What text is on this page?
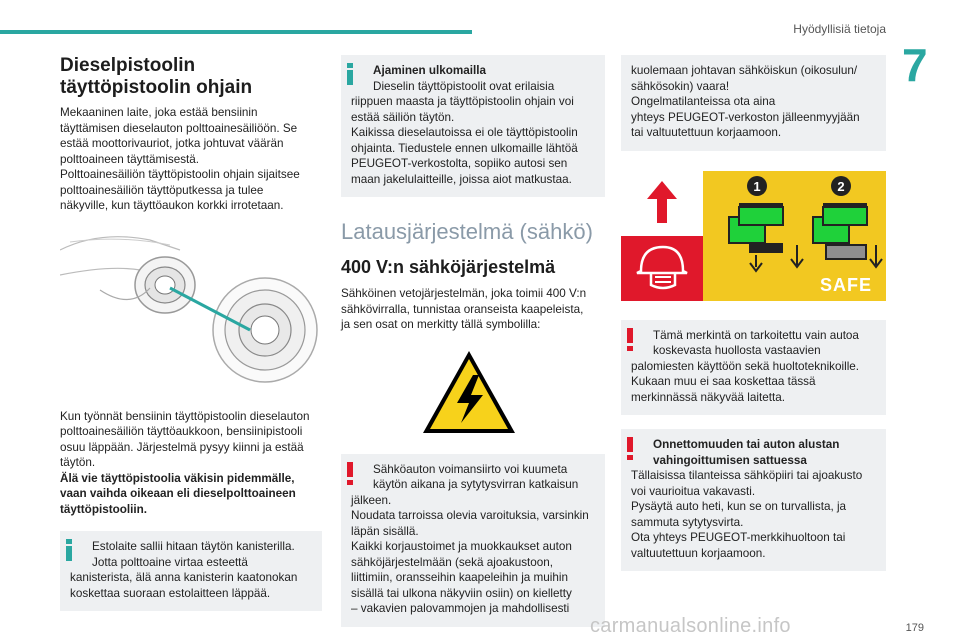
Hyödyllisiä tietoja
7
Dieselpistoolin
täyttöpistoolin ohjain
Mekaaninen laite, joka estää bensiinin
täyttämisen dieselauton polttoainesäiliöön. Se
estää moottorivauriot, jotka johtuvat väärän
polttoaineen täyttämisestä.
Polttoainesäiliön täyttöpistoolin ohjain sijaitsee
polttoainesäiliön täyttöputkessa ja tulee
näkyville, kun täyttöaukon korkki irrotetaan.
Kun työnnät bensiinin täyttöpistoolin dieselauton
polttoainesäiliön täyttöaukkoon, bensiinipistooli
osuu läppään. Järjestelmä pysyy kiinni ja estää
täytön.
Älä vie täyttöpistoolia väkisin pidemmälle,
vaan vaihda oikeaan eli dieselpolttoaineen
täyttöpistooliin.
Estolaite sallii hitaan täytön kanisterilla.
Jotta polttoaine virtaa esteettä
kanisterista, älä anna kanisterin kaatonokan
koskettaa suoraan estolaitteen läppää.
Ajaminen ulkomailla
Dieselin täyttöpistoolit ovat erilaisia
riippuen maasta ja täyttöpistoolin ohjain voi
estää säiliön täytön.
Kaikissa dieselautoissa ei ole täyttöpistoolin
ohjainta. Tiedustele ennen ulkomaille lähtöä
PEUGEOT-verkostolta, sopiiko autosi sen
maan jakelulaitteille, joissa aiot matkustaa.
Latausjärjestelmä (sähkö)
400 V:n sähköjärjestelmä
Sähköinen vetojärjestelmän, joka toimii 400 V:n
sähkövirralla, tunnistaa oranseista kaapeleista,
ja sen osat on merkitty tällä symbolilla:
Sähköauton voimansiirto voi kuumeta
käytön aikana ja sytytysvirran katkaisun
jälkeen.
Noudata tarroissa olevia varoituksia, varsinkin
läpän sisällä.
Kaikki korjaustoimet ja muokkaukset auton
sähköjärjestelmään (sekä ajoakustoon,
liittimiin, oransseihin kaapeleihin ja muihin
sisällä tai ulkona näkyviin osiin) on kielletty
– vakavien palovammojen ja mahdollisesti
kuolemaan johtavan sähköiskun (oikosulun/
sähkösokin) vaara!
Ongelmatilanteissa ota aina
yhteys PEUGEOT-verkoston jälleenmyyjään
tai valtuutettuun korjaamoon.
1	2
SAFE
Tämä merkintä on tarkoitettu vain autoa
koskevasta huollosta vastaavien
palomiesten käyttöön sekä huoltoteknikoille.
Kukaan muu ei saa koskettaa tässä
merkinnässä näkyvää laitetta.
Onnettomuuden tai auton alustan
vahingoittumisen sattuessa
Tällaisissa tilanteissa sähköpiiri tai ajoakusto
voi vaurioitua vakavasti.
Pysäytä auto heti, kun se on turvallista, ja
sammuta sytytysvirta.
Ota yhteys PEUGEOT-merkkihuoltoon tai
valtuutettuun korjaamoon.
carmanualsonline.info	179
